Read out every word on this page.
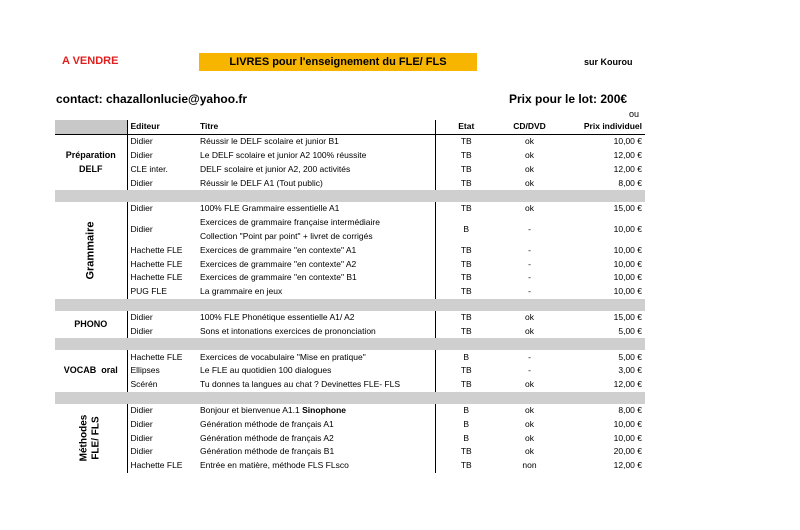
A VENDRE	LIVRES pour l'enseignement du FLE/ FLS	sur Kourou
contact: chazallonlucie@yahoo.fr	Prix pour le lot: 200€
ou
	Editeur	Titre	Etat	CD/DVD	Prix individuel
Préparation DELF	Didier	Réussir le DELF scolaire et junior B1	TB	ok	10,00 €
	Didier	Le DELF scolaire et junior A2 100% réussite	TB	ok	12,00 €
	CLE inter.	DELF scolaire et junior A2, 200 activités	TB	ok	12,00 €
	Didier	Réussir le DELF A1 (Tout public)	TB	ok	8,00 €

Grammaire	Didier	100% FLE Grammaire essentielle A1	TB	ok	15,00 €
	Didier	Exercices de grammaire française intermédiaire	B	-	10,00 €
		Collection "Point par point" + livret de corrigés			
	Hachette FLE	Exercices de grammaire "en contexte" A1	TB	-	10,00 €
	Hachette FLE	Exercices de grammaire "en contexte" A2	TB	-	10,00 €
	Hachette FLE	Exercices de grammaire "en contexte" B1	TB	-	10,00 €
	PUG FLE	La grammaire en jeux	TB	-	10,00 €

PHONO	Didier	100% FLE Phonétique essentielle A1/ A2	TB	ok	15,00 €
	Didier	Sons et intonations exercices de prononciation	TB	ok	5,00 €

VOCAB  oral	Hachette FLE	Exercices de vocabulaire "Mise en pratique"	B	-	5,00 €
	Ellipses	Le FLE au quotidien 100 dialogues	TB	-	3,00 €
	Scérén	Tu donnes ta langues au chat ? Devinettes FLE- FLS	TB	ok	12,00 €

Méthodes
FLE/ FLS	Didier	Bonjour et bienvenue A1.1 Sinophone	B	ok	8,00 €
	Didier	Génération méthode de français A1	B	ok	10,00 €
	Didier	Génération méthode de français A2	B	ok	10,00 €
	Didier	Génération méthode de français B1	TB	ok	20,00 €
	Hachette FLE	Entrée en matière, méthode FLS FLsco	TB	non	12,00 €
